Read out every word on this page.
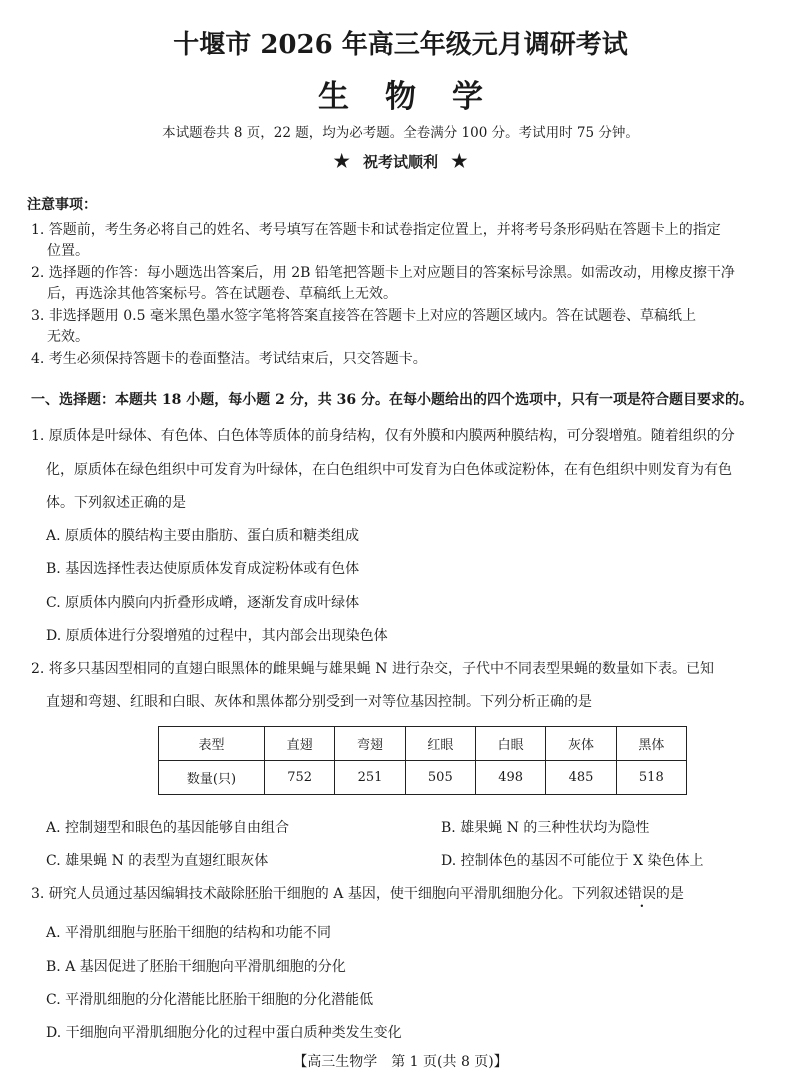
十堰市 2026 年高三年级元月调研考试
生物学
本试题卷共 8 页，22 题，均为必考题。全卷满分 100 分。考试用时 75 分钟。
★ 祝考试顺利 ★
注意事项：
1. 答题前，考生务必将自己的姓名、考号填写在答题卡和试卷指定位置上，并将考号条形码贴在答题卡上的指定
位置。
2. 选择题的作答：每小题选出答案后，用 2B 铅笔把答题卡上对应题目的答案标号涂黑。如需改动，用橡皮擦干净
后，再选涂其他答案标号。答在试题卷、草稿纸上无效。
3. 非选择题用 0.5 毫米黑色墨水签字笔将答案直接答在答题卡上对应的答题区域内。答在试题卷、草稿纸上
无效。
4. 考生必须保持答题卡的卷面整洁。考试结束后，只交答题卡。
一、选择题：本题共 18 小题，每小题 2 分，共 36 分。在每小题给出的四个选项中，只有一项是符合题目要求的。
1. 原质体是叶绿体、有色体、白色体等质体的前身结构，仅有外膜和内膜两种膜结构，可分裂增殖。随着组织的分
化，原质体在绿色组织中可发育为叶绿体，在白色组织中可发育为白色体或淀粉体，在有色组织中则发育为有色
体。下列叙述正确的是
A. 原质体的膜结构主要由脂肪、蛋白质和糖类组成
B. 基因选择性表达使原质体发育成淀粉体或有色体
C. 原质体内膜向内折叠形成嵴，逐渐发育成叶绿体
D. 原质体进行分裂增殖的过程中，其内部会出现染色体
2. 将多只基因型相同的直翅白眼黑体的雌果蝇与雄果蝇 N 进行杂交，子代中不同表型果蝇的数量如下表。已知
直翅和弯翅、红眼和白眼、灰体和黑体都分别受到一对等位基因控制。下列分析正确的是
表型	直翅	弯翅	红眼	白眼	灰体	黑体
数量(只)	752	251	505	498	485	518
A. 控制翅型和眼色的基因能够自由组合	B. 雄果蝇 N 的三种性状均为隐性
C. 雄果蝇 N 的表型为直翅红眼灰体	D. 控制体色的基因不可能位于 X 染色体上
3. 研究人员通过基因编辑技术敲除胚胎干细胞的 A 基因，使干细胞向平滑肌细胞分化。下列叙述错误的是
A. 平滑肌细胞与胚胎干细胞的结构和功能不同
B. A 基因促进了胚胎干细胞向平滑肌细胞的分化
C. 平滑肌细胞的分化潜能比胚胎干细胞的分化潜能低
D. 干细胞向平滑肌细胞分化的过程中蛋白质种类发生变化
【高三生物学　第 1 页(共 8 页)】
